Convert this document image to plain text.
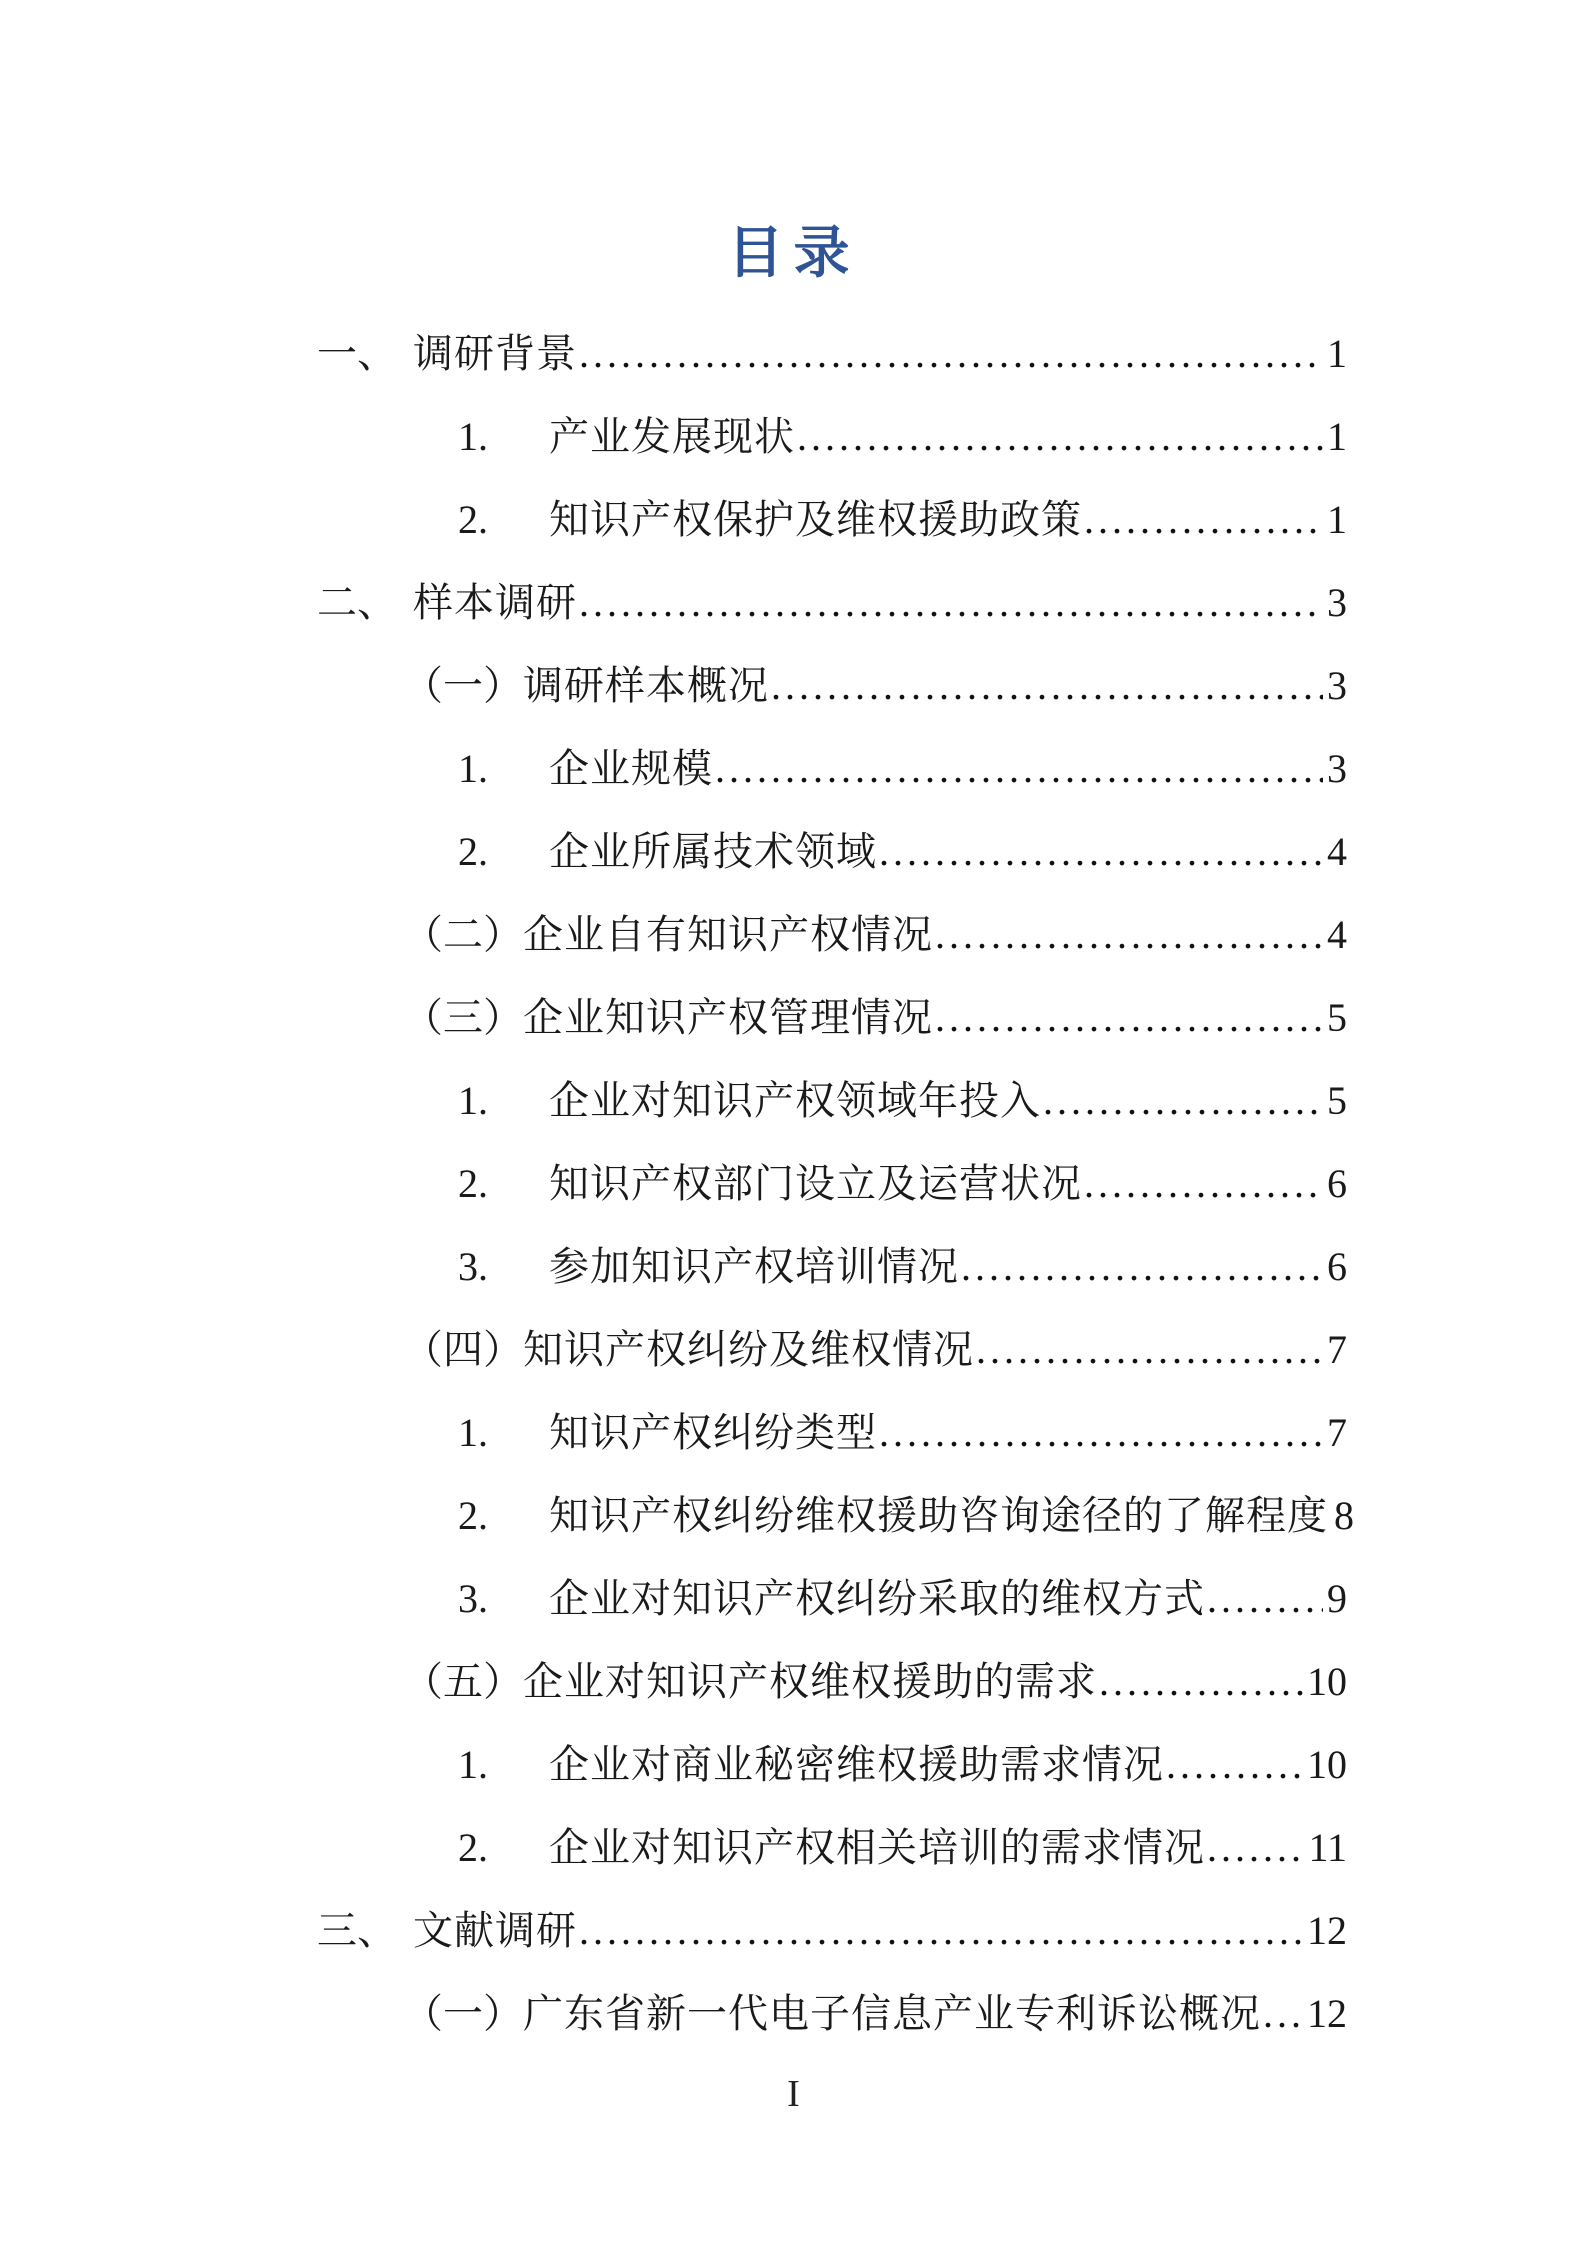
目录
一、 调研背景 .....	1
1.	产业发展现状 .....	1
2.	知识产权保护及维权援助政策 .....	1
二、 样本调研 .....	3
（一） 调研样本概况 .....	3
1.	企业规模 .....	3
2.	企业所属技术领域 .....	4
（二） 企业自有知识产权情况 .....	4
（三） 企业知识产权管理情况 .....	5
1.	企业对知识产权领域年投入 .....	5
2.	知识产权部门设立及运营状况 .....	6
3.	参加知识产权培训情况 .....	6
（四） 知识产权纠纷及维权情况 .....	7
1.	知识产权纠纷类型 .....	7
2.	知识产权纠纷维权援助咨询途径的了解程度 8
3.	企业对知识产权纠纷采取的维权方式 .....	9
（五） 企业对知识产权维权援助的需求 .....	10
1.	企业对商业秘密维权援助需求情况 .....	10
2.	企业对知识产权相关培训的需求情况 .....	11
三、 文献调研 .....	12
（一） 广东省新一代电子信息产业专利诉讼概况 ..... 12
I
